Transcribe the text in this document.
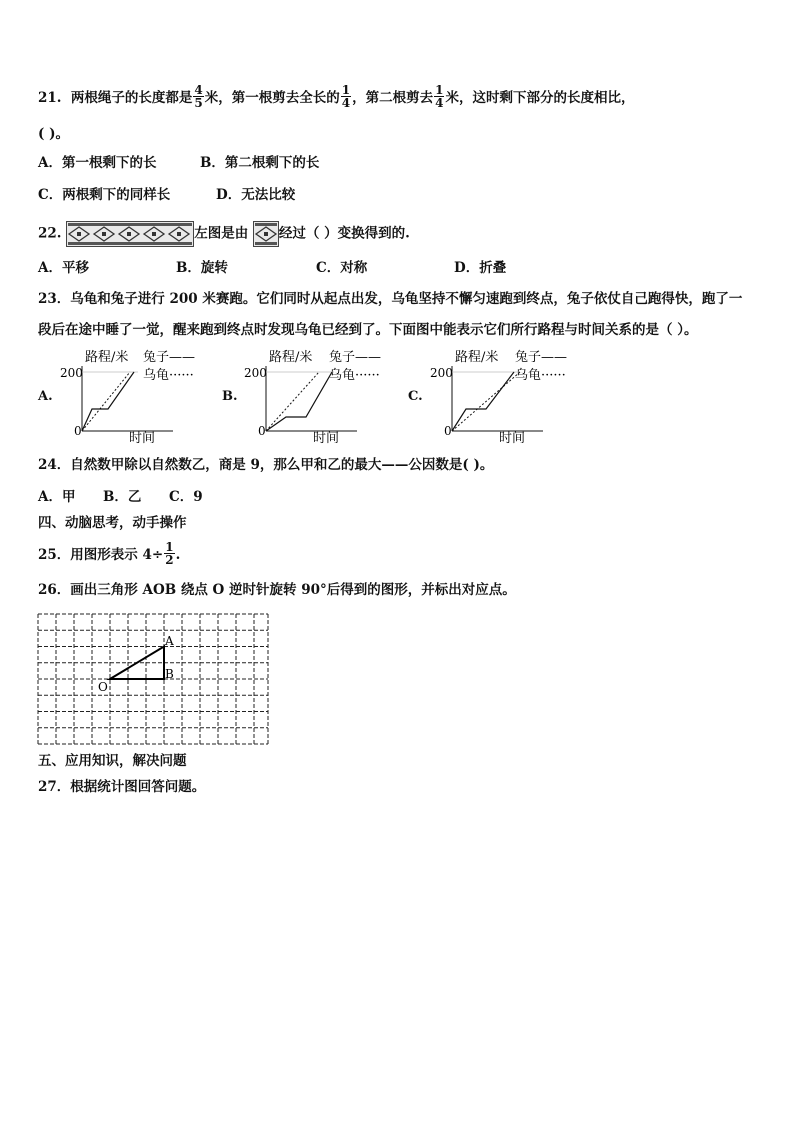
21. 两根绳子的长度都是 $\frac{4}{5}$ 米，第一根剪去全长的 $\frac{1}{4}$ ，第二根剪去 $\frac{1}{4}$ 米，这时剩下部分的长度相比，
( )。
A．第一根剩下的长	B．第二根剩下的长
C．两根剩下的同样长	D．无法比较
22.	左图是由 经过（ ）变换得到的.
A．平移	B．旋转	C．对称	D．折叠
23．乌龟和兔子进行 200 米赛跑。它们同时从起点出发，乌龟坚持不懈匀速跑到终点，兔子依仗自己跑得快，跑了一
段后在途中睡了一觉，醒来跑到终点时发现乌龟已经到了。下面图中能表示它们所行路程与时间关系的是（ ）。
A.	B.	C.
路程/米 兔子——
乌龟······
200
0	时间
路程/米 兔子——
乌龟······
200
0	时间
路程/米 兔子——
乌龟······
200
0	时间
24．自然数甲除以自然数乙，商是 9，那么甲和乙的最大——公因数是( )。
A．甲 B．乙 C．9
四、动脑思考，动手操作
25．用图形表示 $4\div \frac{1}{2}$ .
26．画出三角形 AOB 绕点 O 逆时针旋转 90°后得到的图形，并标出对应点。
A
B
O
五、应用知识，解决问题
27．根据统计图回答问题。
